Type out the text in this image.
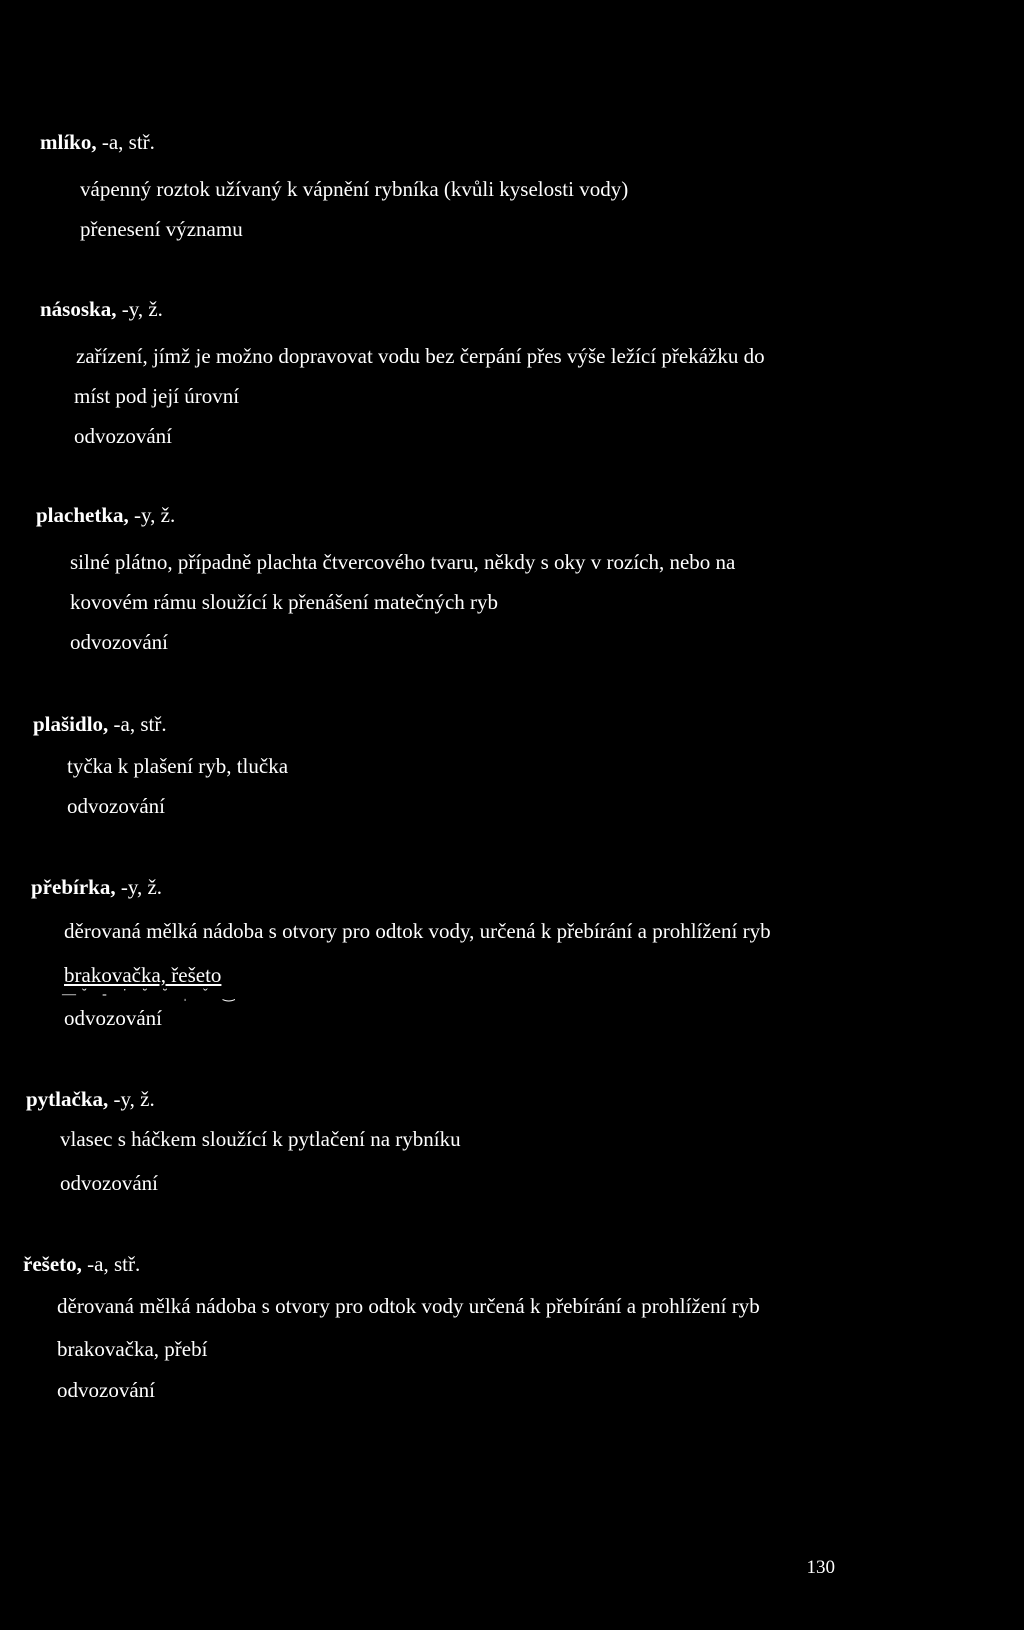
mlíko, -a, stř.
vápenný roztok užívaný k vápnění rybníka (kvůli kyselosti vody)
přenesení významu
násoska, -y, ž.
zařízení, jímž je možno dopravovat vodu bez čerpání přes výše ležící překážku do
míst pod její úrovní
odvozování
plachetka, -y, ž.
silné plátno, případně plachta čtvercového tvaru, někdy s oky v rozích, nebo na
kovovém rámu sloužící k přenášení matečných ryb
odvozování
plašidlo, -a, stř.
tyčka k plašení ryb, tlučka
odvozování
přebírka, -y, ž.
děrovaná mělká nádoba s otvory pro odtok vody, určená k přebírání a prohlížení ryb
brakovačka, řešeto
—˘ ‑ ˙ ˘ ˘ ˌ ˇ ‿
odvozování
pytlačka, -y, ž.
vlasec s háčkem sloužící k pytlačení na rybníku
odvozování
řešeto, -a, stř.
děrovaná mělká nádoba s otvory pro odtok vody určená k přebírání a prohlížení ryb
brakovačka, přebí
odvozování
130
